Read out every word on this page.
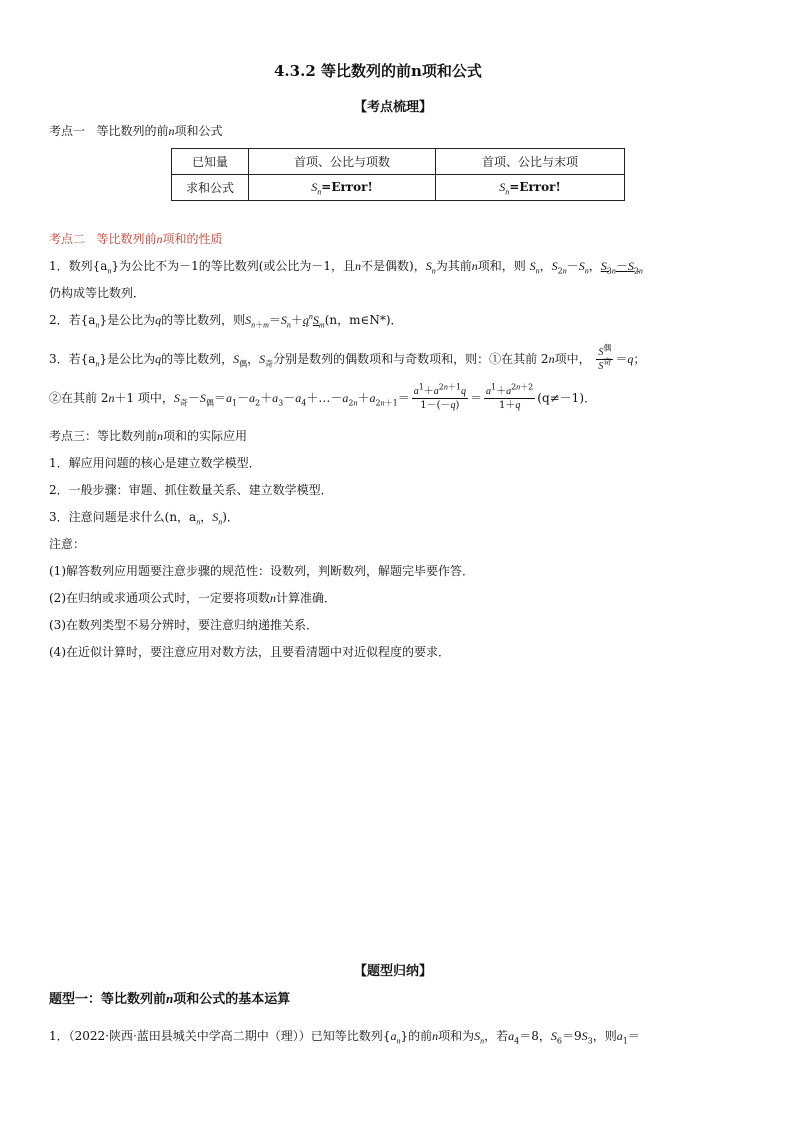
4.3.2 等比数列的前n项和公式
【考点梳理】
考点一 等比数列的前n项和公式
已知量	首项、公比与项数	首项、公比与末项
求和公式	$S_n=Error$!	$S_n=Error$!
考点二 等比数列前n项和的性质
1．数列$\{a_n\}$为公比不为－1的等比数列(或公比为－1，且n不是偶数)，$S_n$为其前n项和，则 $S_n$，$S_{2n}-S_n$，$S_{3n}-S_{2n}$
仍构成等比数列．
2．若$\{a_n\}$是公比为q的等比数列，则$S_{n+m}=S_n+q^nS_m(n$，m∈N*)．
3．若$\{a_n\}$是公比为q的等比数列，$S_偶$，$S_奇$分别是数列的偶数项和与奇数项和，则：①在其前 2n项中， $\frac{S^偶}{S^奇} =q$；
②在其前 2n＋1 项中，$S_奇-S_偶=a_1-a_2+a_3-a_4+\dots-a_{2n}+a_{2n+1}= \frac{a^1+a^{2n+1}q}{1-(-q)} = \frac{a^1+a^{2n+2}}{1+q} (q\ne-1)$．
考点三：等比数列前n项和的实际应用
1．解应用问题的核心是建立数学模型．
2．一般步骤：审题、抓住数量关系、建立数学模型．
3．注意问题是求什么(n，$a_n$，$S_n$)．
注意：
(1)解答数列应用题要注意步骤的规范性：设数列，判断数列，解题完毕要作答．
(2)在归纳或求通项公式时，一定要将项数n计算准确．
(3)在数列类型不易分辨时，要注意归纳递推关系．
(4)在近似计算时，要注意应用对数方法，且要看清题中对近似程度的要求．
【题型归纳】
题型一：等比数列前n项和公式的基本运算
1．（2022·陕西·蓝田县城关中学高二期中（理））已知等比数列$\{a_n\}$的前n项和为$S_n$，若$a_4=8$，$S_6=9S_3$，则$a_1=$
